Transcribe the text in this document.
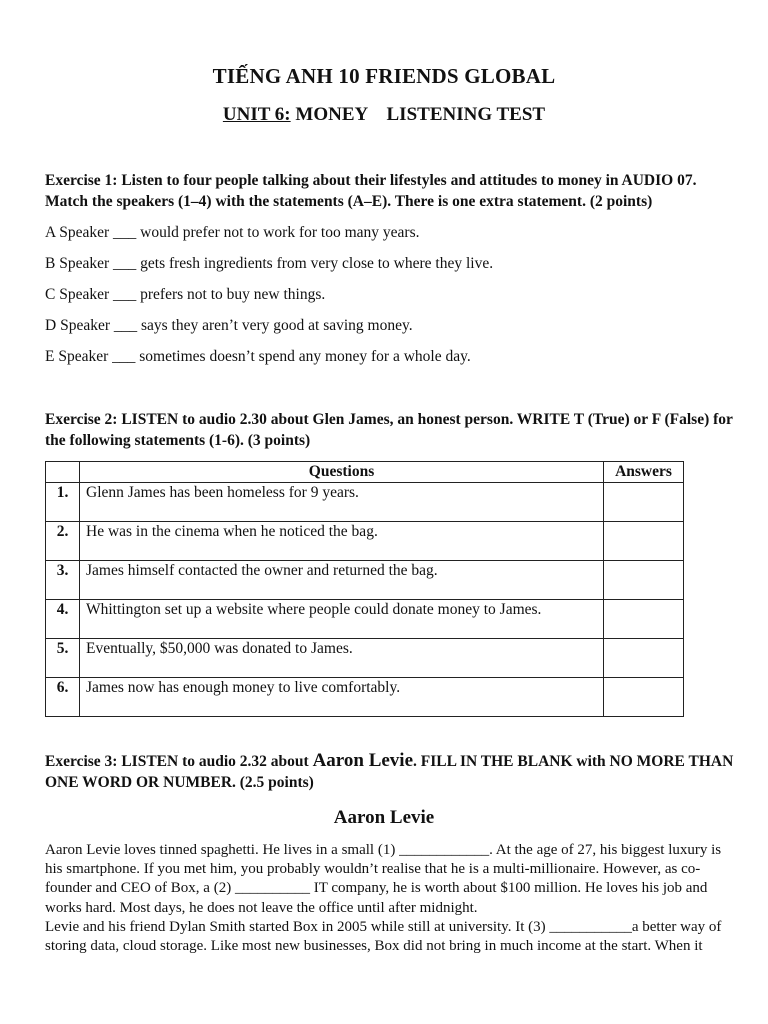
TIẾNG ANH 10 FRIENDS GLOBAL
UNIT 6: MONEY    LISTENING TEST
Exercise 1: Listen to four people talking about their lifestyles and attitudes to money in AUDIO 07. Match the speakers (1–4) with the statements (A–E). There is one extra statement. (2 points)
A Speaker ___ would prefer not to work for too many years.
B Speaker ___ gets fresh ingredients from very close to where they live.
C Speaker ___ prefers not to buy new things.
D Speaker ___ says they aren’t very good at saving money.
E Speaker ___ sometimes doesn’t spend any money for a whole day.
Exercise 2: LISTEN to audio 2.30 about Glen James, an honest person. WRITE T (True) or F (False) for the following statements (1-6). (3 points)
	Questions	Answers
1.	Glenn James has been homeless for 9 years.	
2.	He was in the cinema when he noticed the bag.	
3.	James himself contacted the owner and returned the bag.	
4.	Whittington set up a website where people could donate money to James.	
5.	Eventually, $50,000 was donated to James.	
6.	James now has enough money to live comfortably.	
Exercise 3: LISTEN to audio 2.32 about Aaron Levie. FILL IN THE BLANK with NO MORE THAN ONE WORD OR NUMBER. (2.5 points)
Aaron Levie

Aaron Levie loves tinned spaghetti. He lives in a small (1) ____________. At the age of 27, his biggest luxury is his smartphone. If you met him, you probably wouldn’t realise that he is a multi-millionaire. However, as co-founder and CEO of Box, a (2) __________ IT company, he is worth about $100 million. He loves his job and works hard. Most days, he does not leave the office until after midnight.

Levie and his friend Dylan Smith started Box in 2005 while still at university. It (3) ___________a better way of storing data, cloud storage. Like most new businesses, Box did not bring in much income at the start. When it
